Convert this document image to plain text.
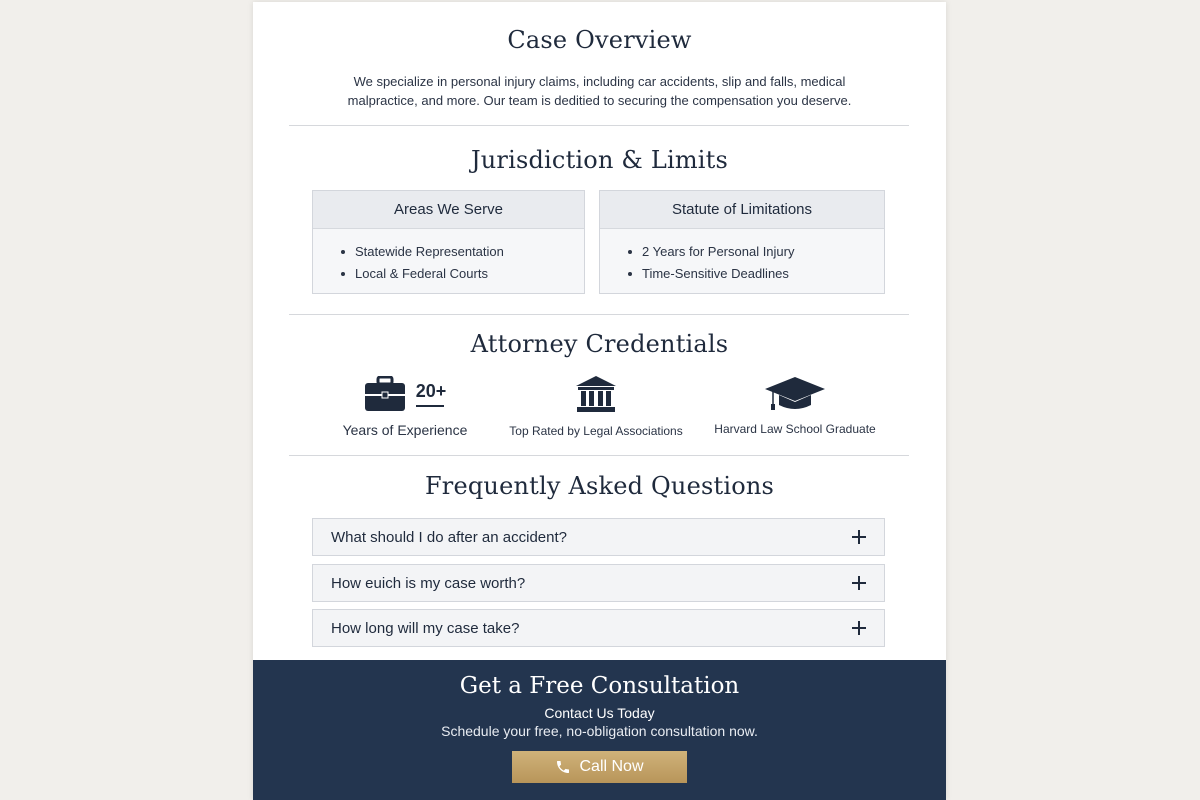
Case Overview

We specialize in personal injury claims, including car accidents, slip and falls, medical malpractice, and more. Our team is deditied to securing the compensation you deserve.

Jurisdiction & Limits
Areas We Serve
Statewide Representation
Local & Federal Courts
Statute of Limitations
2 Years for Personal Injury
Time-Sensitive Deadlines
Attorney Credentials
20+
Years of Experience	Top Rated by Legal Associations	Harvard Law School Graduate
Frequently Asked Questions
What should I do after an accident?
How euich is my case worth?
How long will my case take?
Get a Free Consultation
Contact Us Today
Schedule your free, no-obligation consultation now.
Call Now
